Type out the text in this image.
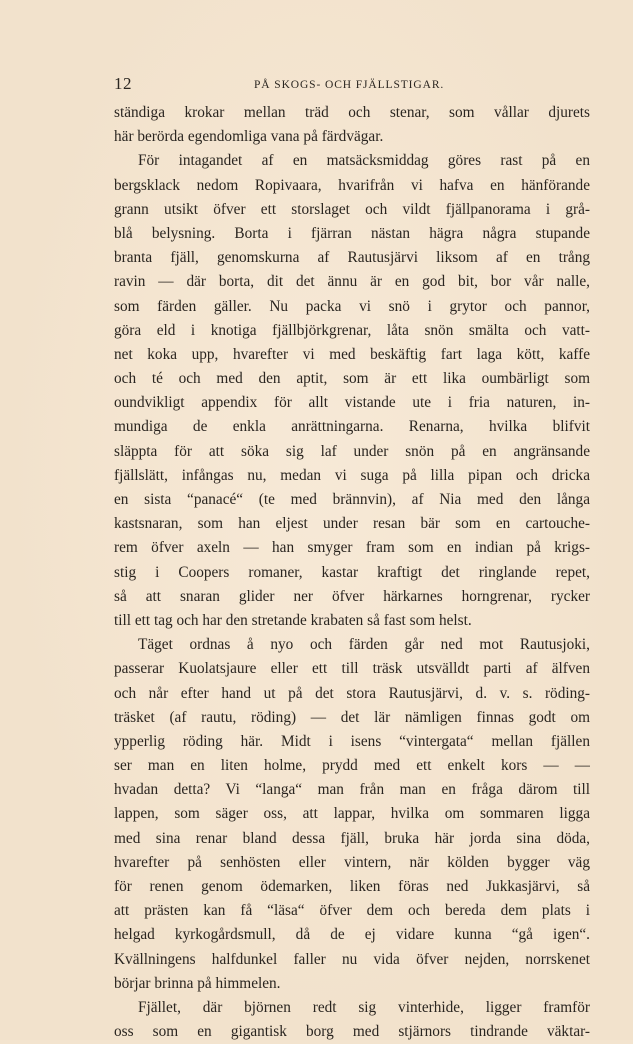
12	PÅ SKOGS- OCH FJÄLLSTIGAR.
ständiga krokar mellan träd och stenar, som vållar djurets
här berörda egendomliga vana på färdvägar.
För intagandet af en matsäcksmiddag göres rast på en
bergsklack nedom Ropivaara, hvarifrån vi hafva en hänförande
grann utsikt öfver ett storslaget och vildt fjällpanorama i grå-
blå belysning. Borta i fjärran nästan hägra några stupande
branta fjäll, genomskurna af Rautusjärvi liksom af en trång
ravin — där borta, dit det ännu är en god bit, bor vår nalle,
som färden gäller. Nu packa vi snö i grytor och pannor,
göra eld i knotiga fjällbjörkgrenar, låta snön smälta och vatt-
net koka upp, hvarefter vi med beskäftig fart laga kött, kaffe
och té och med den aptit, som är ett lika oumbärligt som
oundvikligt appendix för allt vistande ute i fria naturen, in-
mundiga de enkla anrättningarna. Renarna, hvilka blifvit
släppta för att söka sig laf under snön på en angränsande
fjällslätt, infångas nu, medan vi suga på lilla pipan och dricka
en sista “panacé“ (te med brännvin), af Nia med den långa
kastsnaran, som han eljest under resan bär som en cartouche-
rem öfver axeln — han smyger fram som en indian på krigs-
stig i Coopers romaner, kastar kraftigt det ringlande repet,
så att snaran glider ner öfver härkarnes horngrenar, rycker
till ett tag och har den stretande krabaten så fast som helst.
Täget ordnas å nyo och färden går ned mot Rautusjoki,
passerar Kuolatsjaure eller ett till träsk utsvälldt parti af älfven
och når efter hand ut på det stora Rautusjärvi, d. v. s. röding-
träsket (af rautu, röding) — det lär nämligen finnas godt om
ypperlig röding här. Midt i isens “vintergata“ mellan fjällen
ser man en liten holme, prydd med ett enkelt kors — —
hvadan detta? Vi “langa“ man från man en fråga därom till
lappen, som säger oss, att lappar, hvilka om sommaren ligga
med sina renar bland dessa fjäll, bruka här jorda sina döda,
hvarefter på senhösten eller vintern, när kölden bygger väg
för renen genom ödemarken, liken föras ned Jukkasjärvi, så
att prästen kan få “läsa“ öfver dem och bereda dem plats i
helgad kyrkogårdsmull, då de ej vidare kunna “gå igen“.
Kvällningens halfdunkel faller nu vida öfver nejden, norrskenet
börjar brinna på himmelen.
Fjället, där björnen redt sig vinterhide, ligger framför
oss som en gigantisk borg med stjärnors tindrande väktar-
